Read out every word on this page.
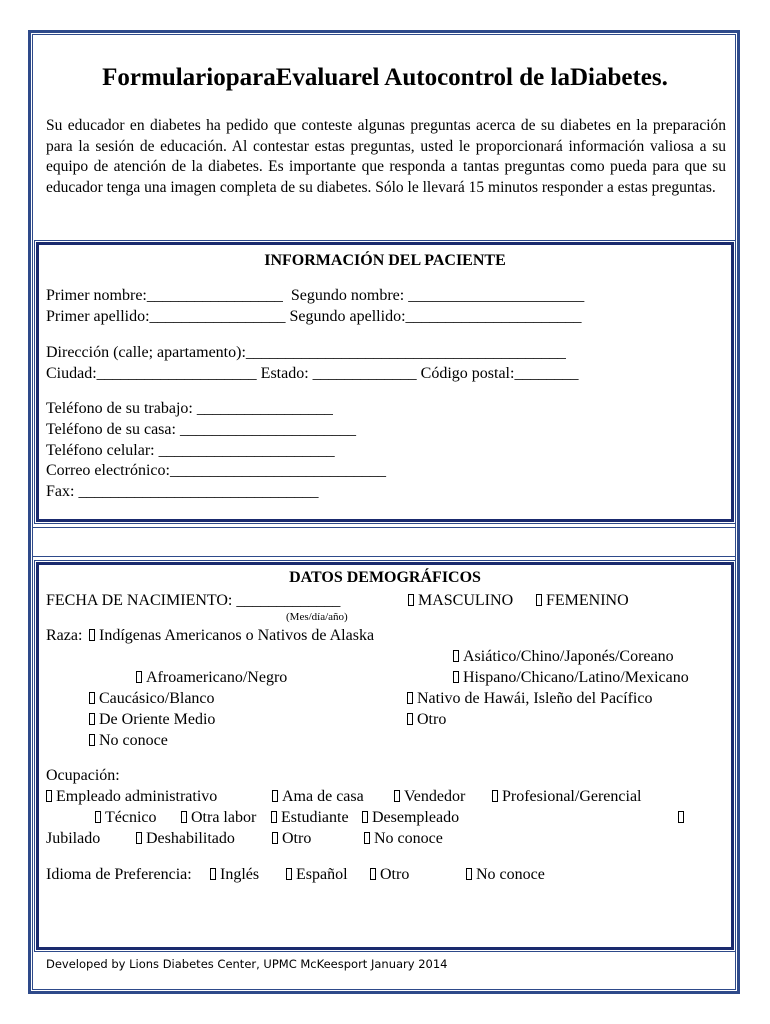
FormularioparaEvaluarel Autocontrol de laDiabetes.

Su educador en diabetes ha pedido que conteste algunas preguntas acerca de su diabetes en la preparación para la sesión de educación. Al contestar estas preguntas, usted le proporcionará información valiosa a su equipo de atención de la diabetes. Es importante que responda a tantas preguntas como pueda para que su educador tenga una imagen completa de su diabetes. Sólo le llevará 15 minutos responder a estas preguntas.

INFORMACIÓN DEL PACIENTE

Primer nombre:_________________  Segundo nombre: ______________________

Primer apellido:_________________ Segundo apellido:______________________

Dirección (calle; apartamento):________________________________________

Ciudad:____________________ Estado: _____________ Código postal:________

Teléfono de su trabajo: _________________

Teléfono de su casa: ______________________

Teléfono celular: ______________________

Correo electrónico:___________________________

Fax: ______________________________

DATOS DEMOGRÁFICOS

FECHA DE NACIMIENTO: _____________
(Mes/día/año)
MASCULINO	FEMENINO
Raza:	Indígenas Americanos o Nativos de Alaska
Asiático/Chino/Japonés/Coreano
Afroamericano/Negro	Hispano/Chicano/Latino/Mexicano
Caucásico/Blanco	Nativo de Hawái, Isleño del Pacífico
De Oriente Medio	Otro
No conoce
Ocupación:
Empleado administrativo	Ama de casa	Vendedor	Profesional/Gerencial
Técnico	Otra labor	Estudiante	Desempleado
Jubilado	Deshabilitado	Otro	No conoce
Idioma de Preferencia:	Inglés	Español	Otro	No conoce

Developed by Lions Diabetes Center, UPMC McKeesport January 2014
